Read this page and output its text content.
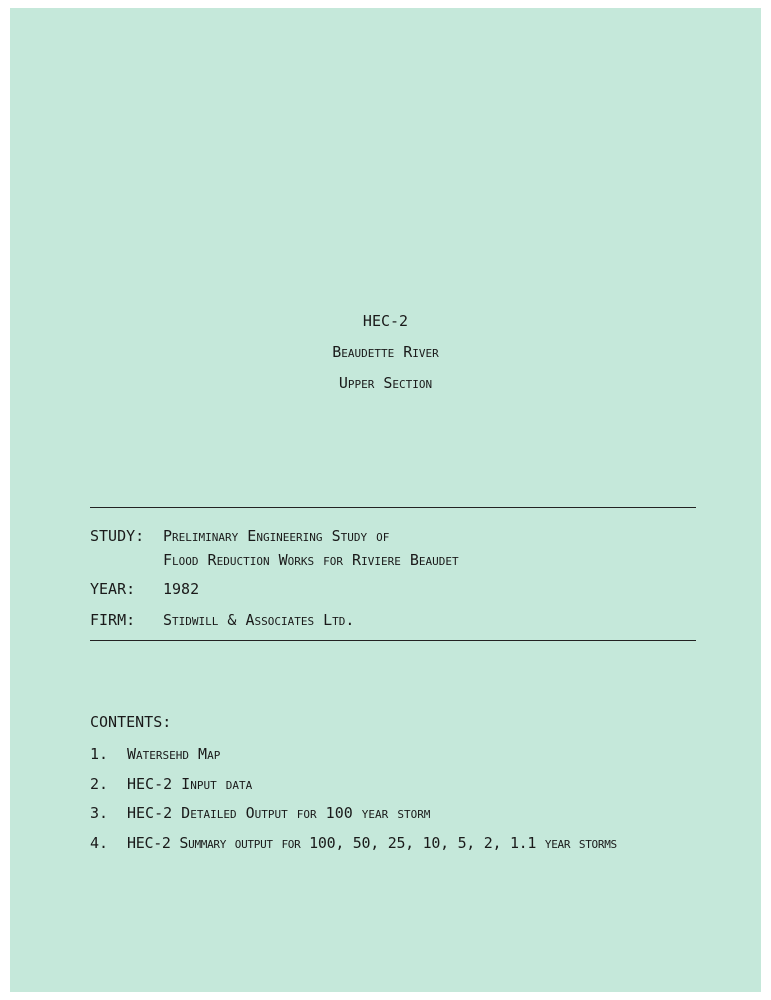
HEC-2
Beaudette River
Upper Section
STUDY:	Preliminary Engineering Study of
Flood Reduction Works for Riviere Beaudet
YEAR:	1982
FIRM:	Stidwill & Associates Ltd.
CONTENTS:
1. Watersehd Map
2. HEC-2 Input data
3. HEC-2 Detailed Output for 100 year storm
4. HEC-2 Summary output for 100, 50, 25, 10, 5, 2, 1.1 year storms
